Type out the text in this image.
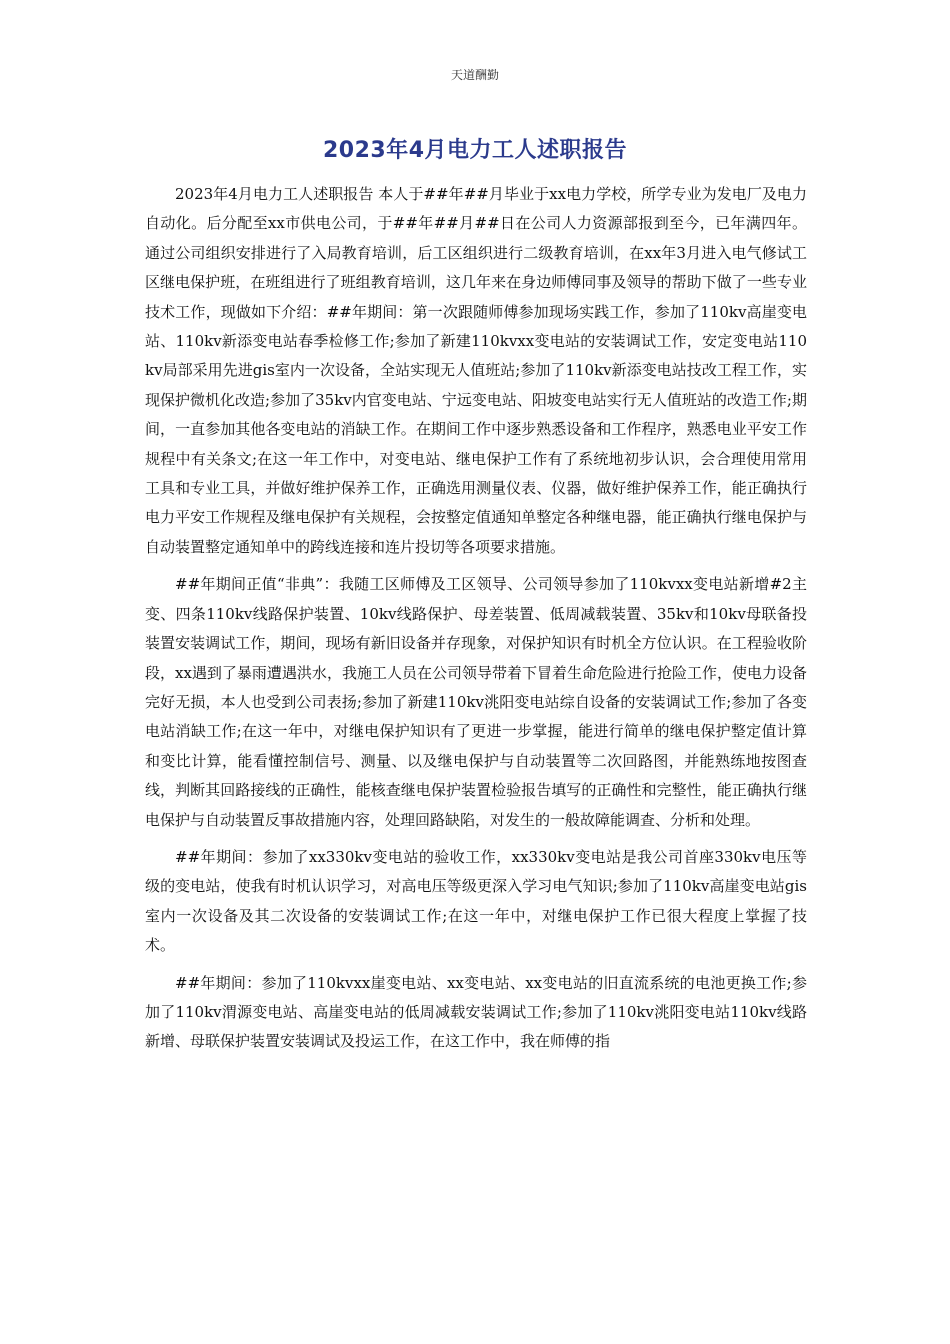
天道酬勤
2023年4月电力工人述职报告

2023年4月电力工人述职报告 本人于##年##月毕业于xx电力学校，所学专业为发电厂及电力自动化。后分配至xx市供电公司，于##年##月##日在公司人力资源部报到至今，已年满四年。通过公司组织安排进行了入局教育培训，后工区组织进行二级教育培训，在xx年3月进入电气修试工区继电保护班，在班组进行了班组教育培训，这几年来在身边师傅同事及领导的帮助下做了一些专业技术工作，现做如下介绍：##年期间：第一次跟随师傅参加现场实践工作，参加了110kv高崖变电站、110kv新添变电站春季检修工作;参加了新建110kvxx变电站的安装调试工作，安定变电站110kv局部采用先进gis室内一次设备，全站实现无人值班站;参加了110kv新添变电站技改工程工作，实现保护微机化改造;参加了35kv内官变电站、宁远变电站、阳坡变电站实行无人值班站的改造工作;期间，一直参加其他各变电站的消缺工作。在期间工作中逐步熟悉设备和工作程序，熟悉电业平安工作规程中有关条文;在这一年工作中，对变电站、继电保护工作有了系统地初步认识，会合理使用常用工具和专业工具，并做好维护保养工作，正确选用测量仪表、仪器，做好维护保养工作，能正确执行电力平安工作规程及继电保护有关规程，会按整定值通知单整定各种继电器，能正确执行继电保护与自动装置整定通知单中的跨线连接和连片投切等各项要求措施。

##年期间正值“非典”：我随工区师傅及工区领导、公司领导参加了110kvxx变电站新增#2主变、四条110kv线路保护装置、10kv线路保护、母差装置、低周减载装置、35kv和10kv母联备投装置安装调试工作，期间，现场有新旧设备并存现象，对保护知识有时机全方位认识。在工程验收阶段，xx遇到了暴雨遭遇洪水，我施工人员在公司领导带着下冒着生命危险进行抢险工作，使电力设备完好无损，本人也受到公司表扬;参加了新建110kv洮阳变电站综自设备的安装调试工作;参加了各变电站消缺工作;在这一年中，对继电保护知识有了更进一步掌握，能进行简单的继电保护整定值计算和变比计算，能看懂控制信号、测量、以及继电保护与自动装置等二次回路图，并能熟练地按图查线，判断其回路接线的正确性，能核查继电保护装置检验报告填写的正确性和完整性，能正确执行继电保护与自动装置反事故措施内容，处理回路缺陷，对发生的一般故障能调查、分析和处理。

##年期间：参加了xx330kv变电站的验收工作，xx330kv变电站是我公司首座330kv电压等级的变电站，使我有时机认识学习，对高电压等级更深入学习电气知识;参加了110kv高崖变电站gis室内一次设备及其二次设备的安装调试工作;在这一年中，对继电保护工作已很大程度上掌握了技术。

##年期间：参加了110kvxx崖变电站、xx变电站、xx变电站的旧直流系统的电池更换工作;参加了110kv渭源变电站、高崖变电站的低周减载安装调试工作;参加了110kv洮阳变电站110kv线路新增、母联保护装置安装调试及投运工作，在这工作中，我在师傅的指
